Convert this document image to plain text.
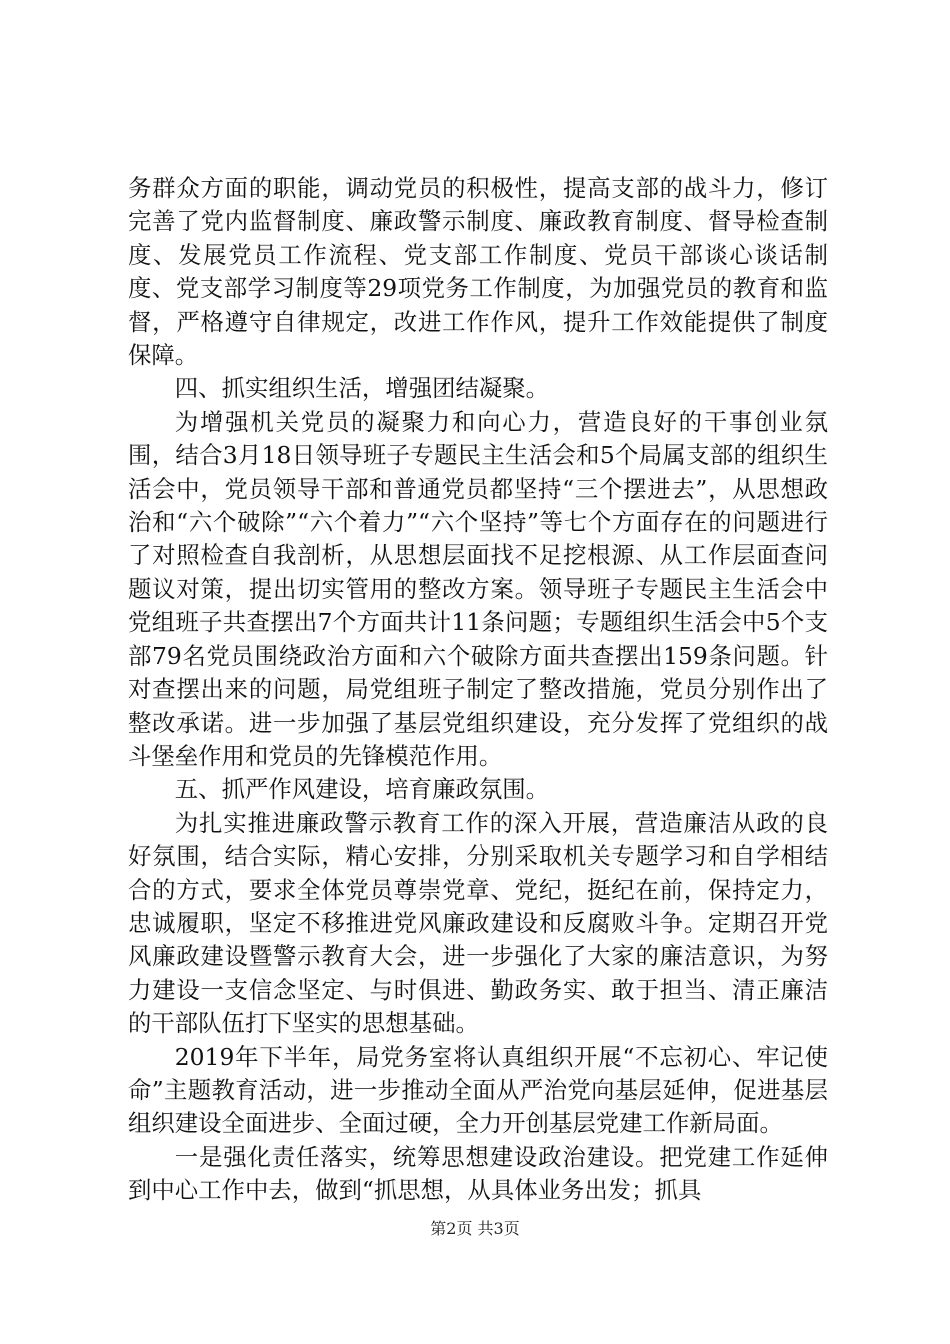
务群众方面的职能，调动党员的积极性，提高支部的战斗力，修订完善了党内监督制度、廉政警示制度、廉政教育制度、督导检查制度、发展党员工作流程、党支部工作制度、党员干部谈心谈话制度、党支部学习制度等29项党务工作制度，为加强党员的教育和监督，严格遵守自律规定，改进工作作风，提升工作效能提供了制度保障。

四、抓实组织生活，增强团结凝聚。

为增强机关党员的凝聚力和向心力，营造良好的干事创业氛围，结合3月18日领导班子专题民主生活会和5个局属支部的组织生活会中，党员领导干部和普通党员都坚持“三个摆进去”，从思想政治和“六个破除”“六个着力”“六个坚持”等七个方面存在的问题进行了对照检查自我剖析，从思想层面找不足挖根源、从工作层面查问题议对策，提出切实管用的整改方案。领导班子专题民主生活会中党组班子共查摆出7个方面共计11条问题；专题组织生活会中5个支部79名党员围绕政治方面和六个破除方面共查摆出159条问题。针对查摆出来的问题，局党组班子制定了整改措施，党员分别作出了整改承诺。进一步加强了基层党组织建设，充分发挥了党组织的战斗堡垒作用和党员的先锋模范作用。

五、抓严作风建设，培育廉政氛围。

为扎实推进廉政警示教育工作的深入开展，营造廉洁从政的良好氛围，结合实际，精心安排，分别采取机关专题学习和自学相结合的方式，要求全体党员尊崇党章、党纪，挺纪在前，保持定力，忠诚履职，坚定不移推进党风廉政建设和反腐败斗争。定期召开党风廉政建设暨警示教育大会，进一步强化了大家的廉洁意识，为努力建设一支信念坚定、与时俱进、勤政务实、敢于担当、清正廉洁的干部队伍打下坚实的思想基础。

2019年下半年，局党务室将认真组织开展“不忘初心、牢记使命”主题教育活动，进一步推动全面从严治党向基层延伸，促进基层组织建设全面进步、全面过硬，全力开创基层党建工作新局面。

一是强化责任落实，统筹思想建设政治建设。把党建工作延伸到中心工作中去，做到“抓思想，从具体业务出发；抓具

第2页 共3页
